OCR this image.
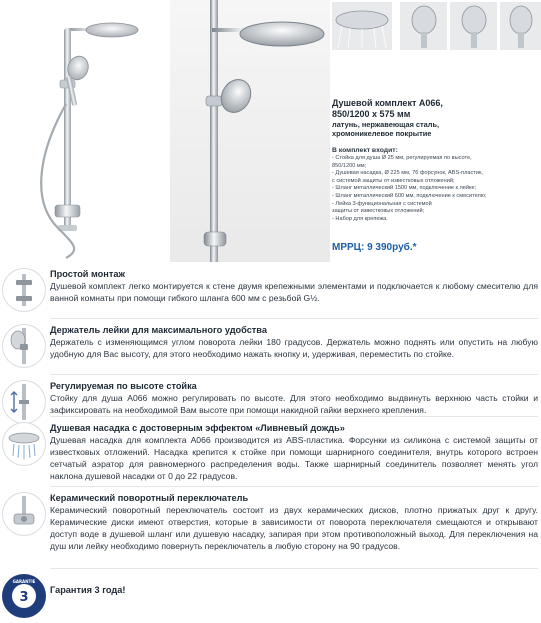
Душевой комплект A066,

850/1200 х 575 мм

латунь, нержавеющая сталь,
хромоникелевое покрытие

В комплект входит:

- Стойка для душа Ø 25 мм, регулируемая по высоте,
850/1200 мм;
- Душевая насадка, Ø 225 мм, 76 форсунок, ABS-пластик,
с системой защиты от известковых отложений;
- Шланг металлический 1500 мм, подключение к лейке;
- Шланг металлический 600 мм, подключение к смесителю;
- Лейка 3-функциональная с системой
защиты от известковых отложений;
- Набор для крепежа.
МРРЦ: 9 390руб.*
Простой монтаж

Душевой комплект легко монтируется к стене двумя крепежными элементами и подключается к любому смесителю для ванной комнаты при помощи гибкого шланга 600 мм с резьбой G½.

Держатель лейки для максимального удобства

Держатель с изменяющимся углом поворота лейки 180 градусов. Держатель можно поднять или опустить на любую удобную для Вас высоту, для этого необходимо нажать кнопку и, удерживая, переместить по стойке.

Регулируемая по высоте стойка

Стойку для душа A066 можно регулировать по высоте. Для этого необходимо выдвинуть верхнюю часть стойки и зафиксировать на необходимой Вам высоте при помощи накидной гайки верхнего крепления.

Душевая насадка с достоверным эффектом «Ливневый дождь»

Душевая насадка для комплекта A066 производится из ABS-пластика. Форсунки из силикона с системой защиты от известковых отложений. Насадка крепится к стойке при помощи шарнирного соединителя, внутрь которого встроен сетчатый аэратор для равномерного распределения воды. Также шарнирный соединитель позволяет менять угол наклона душевой насадки от 0 до 22 градусов.

Керамический поворотный переключатель

Керамический поворотный переключатель состоит из двух керамических дисков, плотно прижатых друг к другу. Керамические диски имеют отверстия, которые в зависимости от поворота переключателя смещаются и открывают доступ воде в душевой шланг или душевую насадку, запирая при этом противоположный выход. Для переключения на душ или лейку необходимо повернуть переключатель в любую сторону на 90 градусов.

3
GARANTIE
Гарантия 3 года!
